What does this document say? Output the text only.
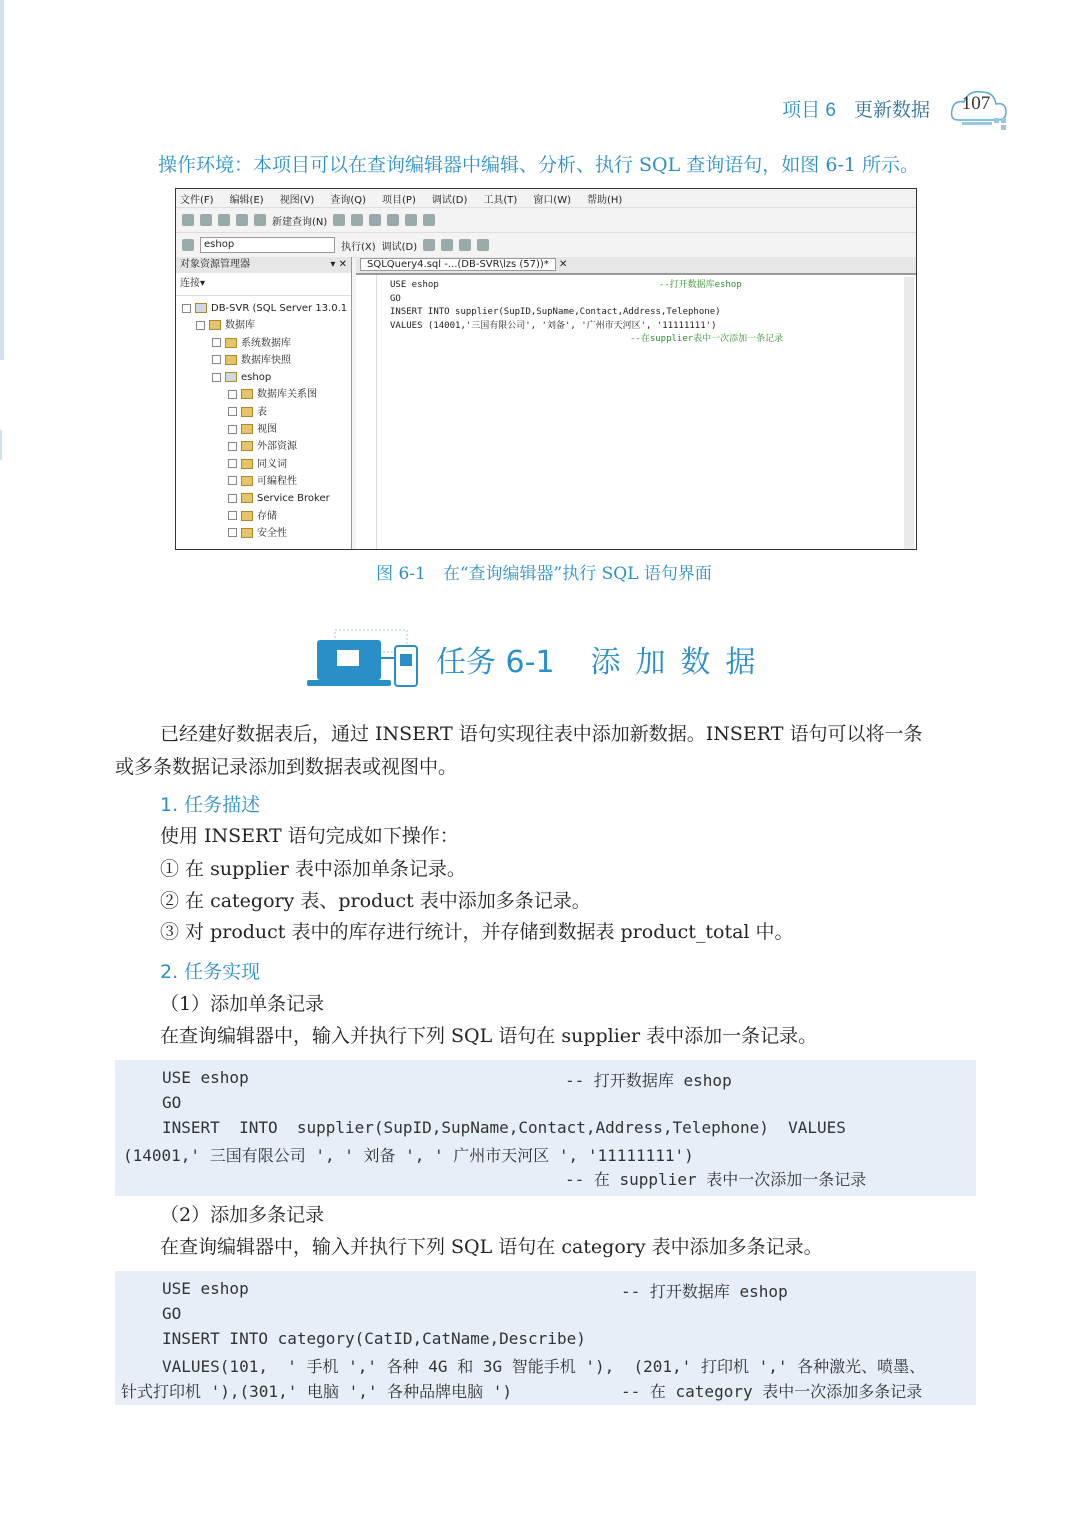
项目 6 更新数据	107
操作环境：本项目可以在查询编辑器中编辑、分析、执行 SQL 查询语句，如图 6-1 所示。
文件(F) 编辑(E) 视图(V) 查询(Q) 项目(P) 调试(D) 工具(T) 窗口(W) 帮助(H)
新建查询(N)
eshop	执行(X) 调试(D)
对象资源管理器	▾ ✕
连接▾
DB-SVR (SQL Server 13.0.1
数据库
系统数据库
数据库快照
eshop
数据库关系图
表
视图
外部资源
同义词
可编程性
Service Broker
存储
安全性
SQLQuery4.sql -...(DB-SVR\lzs (57))* ✕
USE eshop	--打开数据库eshop
GO
INSERT INTO supplier(SupID,SupName,Contact,Address,Telephone)
VALUES (14001,'三国有限公司', '刘备', '广州市天河区', '11111111')
--在supplier表中一次添加一条记录
图 6-1　在“查询编辑器”执行 SQL 语句界面
任务 6-1 添加数据
已经建好数据表后，通过 INSERT 语句实现往表中添加新数据。INSERT 语句可以将一条
或多条数据记录添加到数据表或视图中。
1. 任务描述
使用 INSERT 语句完成如下操作：
① 在 supplier 表中添加单条记录。
② 在 category 表、product 表中添加多条记录。
③ 对 product 表中的库存进行统计，并存储到数据表 product_total 中。
2. 任务实现
（1）添加单条记录
在查询编辑器中，输入并执行下列 SQL 语句在 supplier 表中添加一条记录。
USE eshop	-- 打开数据库 eshop
GO
INSERT  INTO  supplier(SupID,SupName,Contact,Address,Telephone)  VALUES
(14001,' 三国有限公司 ', ' 刘备 ', ' 广州市天河区 ', '11111111')
-- 在 supplier 表中一次添加一条记录
（2）添加多条记录
在查询编辑器中，输入并执行下列 SQL 语句在 category 表中添加多条记录。
USE eshop	-- 打开数据库 eshop
GO
INSERT INTO category(CatID,CatName,Describe)
VALUES(101,  ' 手机 ',' 各种 4G 和 3G 智能手机 '),  (201,' 打印机 ',' 各种激光、喷墨、
针式打印机 '),(301,' 电脑 ',' 各种品牌电脑 ')	-- 在 category 表中一次添加多条记录
